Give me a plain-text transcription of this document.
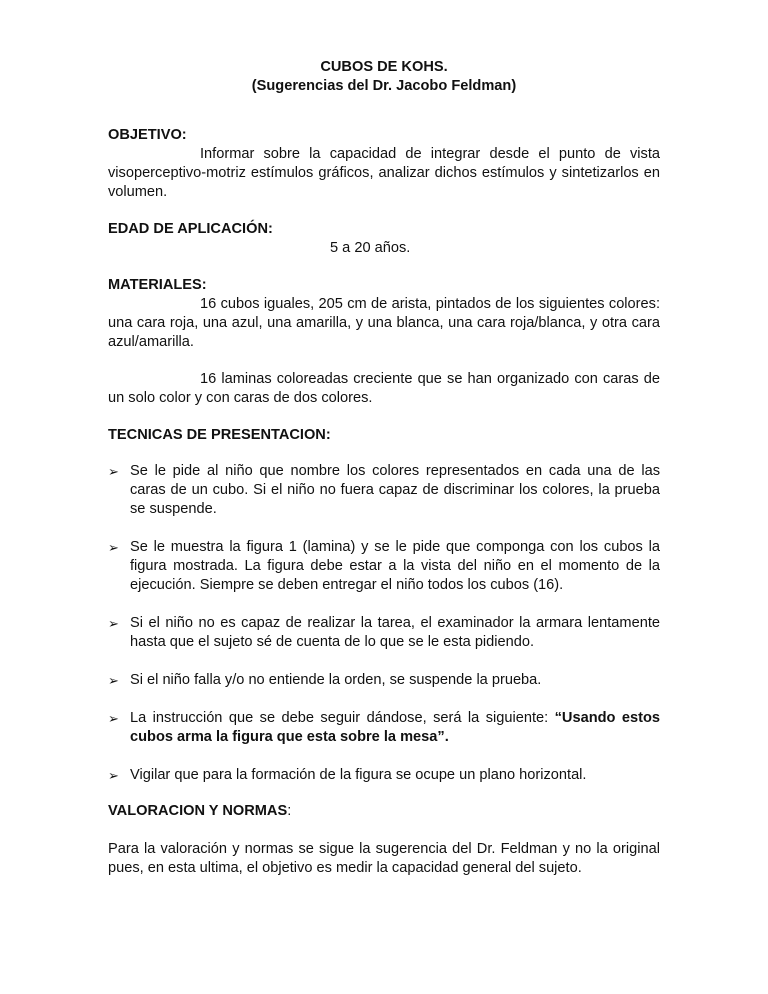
CUBOS DE KOHS.

(Sugerencias del Dr. Jacobo Feldman)

OBJETIVO:

Informar sobre la capacidad de integrar desde el punto de vista visoperceptivo-motriz estímulos gráficos, analizar dichos estímulos y sintetizarlos en volumen.

EDAD DE APLICACIÓN:

5 a 20 años.

MATERIALES:

16 cubos iguales, 205 cm de arista, pintados de los siguientes colores: una cara roja, una azul, una amarilla, y una blanca, una cara roja/blanca, y otra cara azul/amarilla.

16 laminas coloreadas creciente que se han organizado con caras de un solo color y con caras de dos colores.

TECNICAS DE PRESENTACION:

➢ Se le pide al niño que nombre los colores representados en cada una de las caras de un cubo. Si el niño no fuera capaz de discriminar los colores, la prueba se suspende.
➢ Se le muestra la figura 1 (lamina) y se le pide que componga con los cubos la figura mostrada. La figura debe estar a la vista del niño en el momento de la ejecución. Siempre se deben entregar el niño todos los cubos (16).
➢ Si el niño no es capaz de realizar la tarea, el examinador la armara lentamente hasta que el sujeto sé de cuenta de lo que se le esta pidiendo.
➢ Si el niño falla y/o no entiende la orden, se suspende la prueba.
➢ La instrucción que se debe seguir dándose, será la siguiente: “Usando estos cubos arma la figura que esta sobre la mesa”.
➢ Vigilar que para la formación de la figura se ocupe un plano horizontal.

VALORACION Y NORMAS:

Para la valoración y normas se sigue la sugerencia del Dr. Feldman y no la original pues, en esta ultima, el objetivo es medir la capacidad general del sujeto.
